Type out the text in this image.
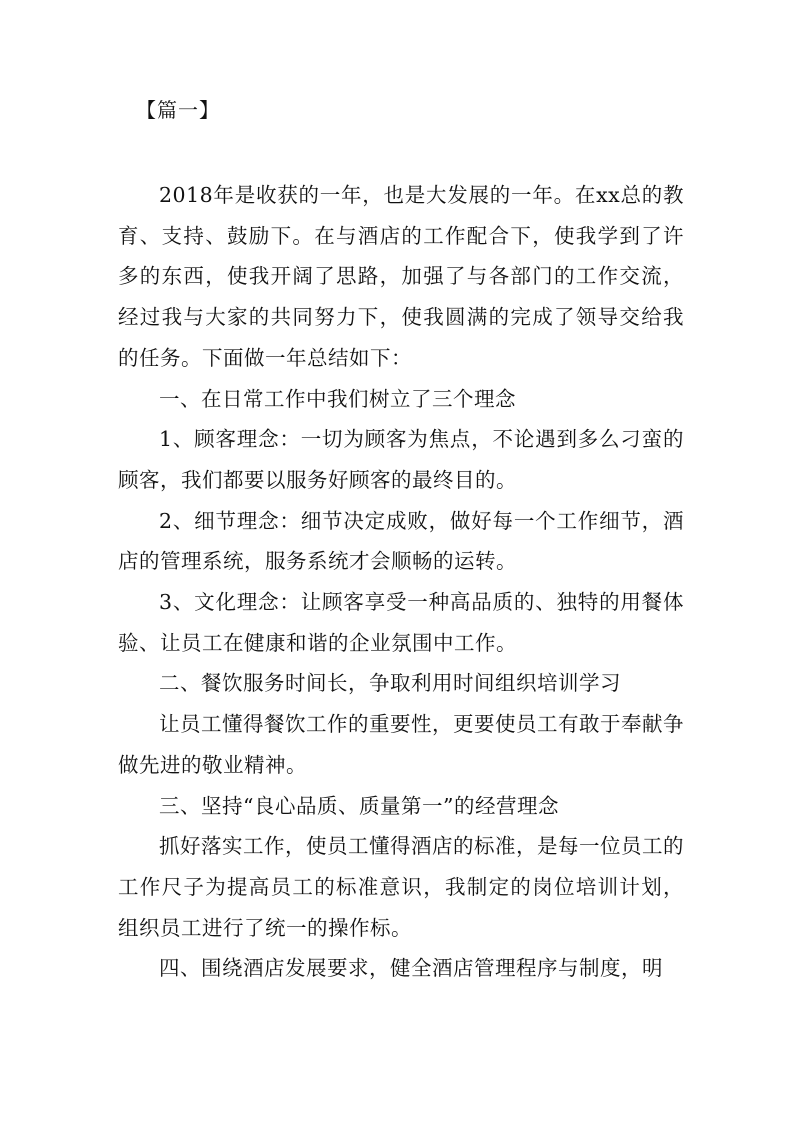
【篇一】

2018年是收获的一年，也是大发展的一年。在xx总的教育、支持、鼓励下。在与酒店的工作配合下，使我学到了许多的东西，使我开阔了思路，加强了与各部门的工作交流，经过我与大家的共同努力下，使我圆满的完成了领导交给我的任务。下面做一年总结如下：

一、在日常工作中我们树立了三个理念

1、顾客理念：一切为顾客为焦点，不论遇到多么刁蛮的顾客，我们都要以服务好顾客的最终目的。

2、细节理念：细节决定成败，做好每一个工作细节，酒店的管理系统，服务系统才会顺畅的运转。

3、文化理念：让顾客享受一种高品质的、独特的用餐体验、让员工在健康和谐的企业氛围中工作。

二、餐饮服务时间长，争取利用时间组织培训学习

让员工懂得餐饮工作的重要性，更要使员工有敢于奉献争做先进的敬业精神。

三、坚持“良心品质、质量第一”的经营理念

抓好落实工作，使员工懂得酒店的标准，是每一位员工的工作尺子为提高员工的标准意识，我制定的岗位培训计划，组织员工进行了统一的操作标。

四、围绕酒店发展要求，健全酒店管理程序与制度，明
